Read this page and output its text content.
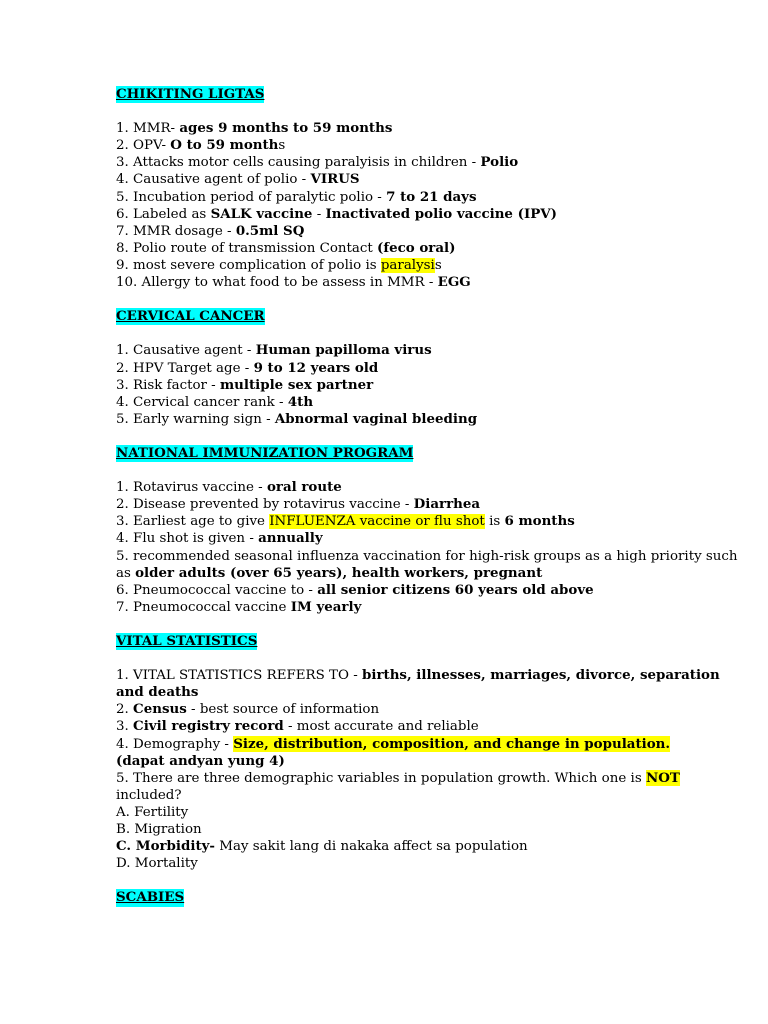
CHIKITING LIGTAS
1. MMR- ages 9 months to 59 months
2. OPV- O to 59 months
3. Attacks motor cells causing paralyisis in children - Polio
4. Causative agent of polio - VIRUS
5. Incubation period of paralytic polio - 7 to 21 days
6. Labeled as SALK vaccine - Inactivated polio vaccine (IPV)
7. MMR dosage - 0.5ml SQ
8. Polio route of transmission Contact (feco oral)
9. most severe complication of polio is paralysis
10. Allergy to what food to be assess in MMR - EGG
CERVICAL CANCER
1. Causative agent - Human papilloma virus
2. HPV Target age - 9 to 12 years old
3. Risk factor - multiple sex partner
4. Cervical cancer rank - 4th
5. Early warning sign - Abnormal vaginal bleeding
NATIONAL IMMUNIZATION PROGRAM
1. Rotavirus vaccine - oral route
2. Disease prevented by rotavirus vaccine - Diarrhea
3. Earliest age to give INFLUENZA vaccine or flu shot is 6 months
4. Flu shot is given - annually
5. recommended seasonal influenza vaccination for high-risk groups as a high priority such as older adults (over 65 years), health workers, pregnant
6. Pneumococcal vaccine to - all senior citizens 60 years old above
7. Pneumococcal vaccine IM yearly
VITAL STATISTICS
1. VITAL STATISTICS REFERS TO - births, illnesses, marriages, divorce, separation and deaths
2. Census - best source of information
3. Civil registry record - most accurate and reliable
4. Demography - Size, distribution, composition, and change in population.
(dapat andyan yung 4)
5. There are three demographic variables in population growth. Which one is NOT included?
A. Fertility
B. Migration
C. Morbidity- May sakit lang di nakaka affect sa population
D. Mortality
SCABIES
